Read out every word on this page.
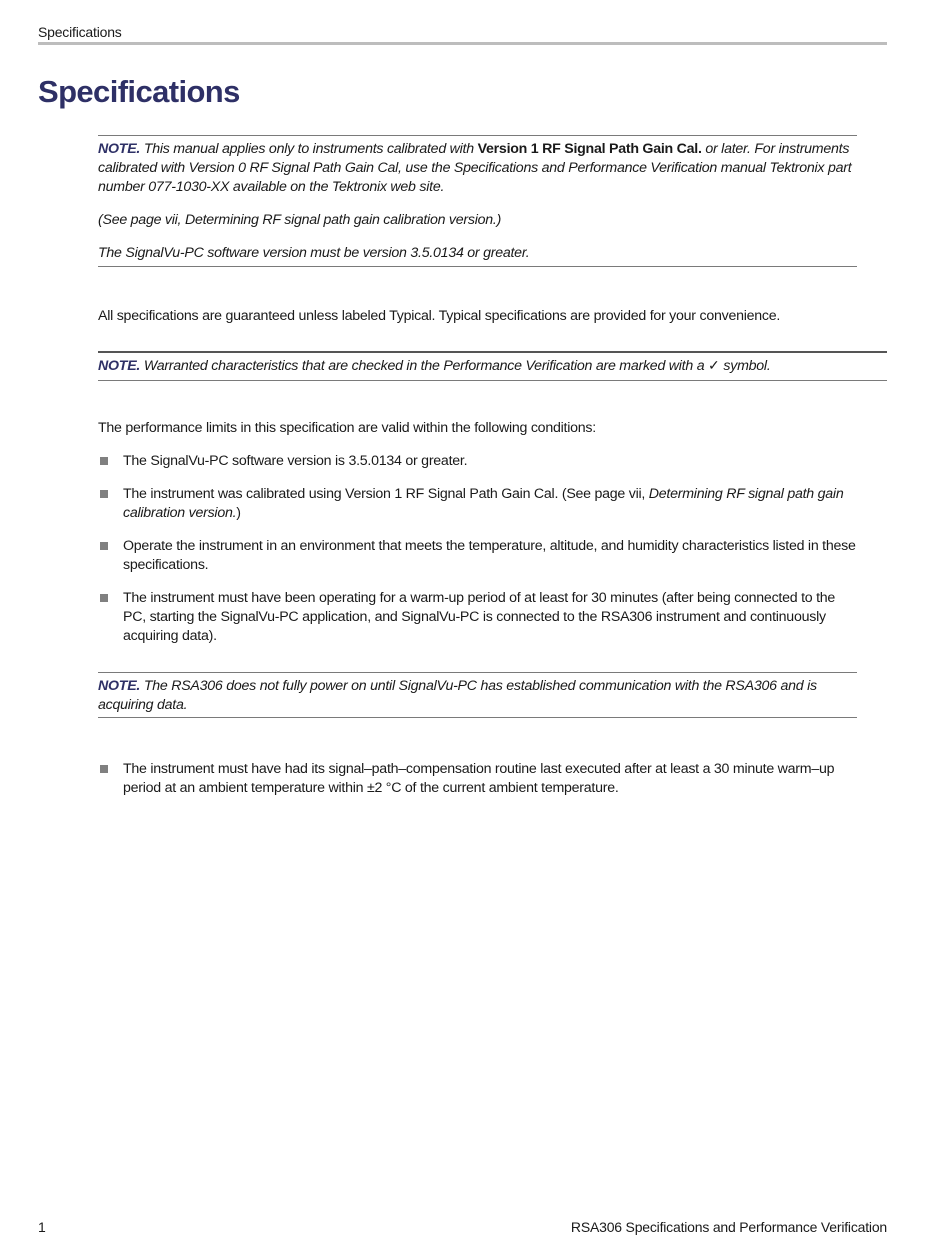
Specifications
Specifications

NOTE. This manual applies only to instruments calibrated with Version 1 RF Signal Path Gain Cal. or later. For instruments calibrated with Version 0 RF Signal Path Gain Cal, use the Specifications and Performance Verification manual Tektronix part number 077-1030-XX available on the Tektronix web site.

(See page vii, Determining RF signal path gain calibration version.)

The SignalVu-PC software version must be version 3.5.0134 or greater.

All specifications are guaranteed unless labeled Typical. Typical specifications are provided for your convenience.

NOTE. Warranted characteristics that are checked in the Performance Verification are marked with a ✓ symbol.

The performance limits in this specification are valid within the following conditions:

The SignalVu-PC software version is 3.5.0134 or greater.
The instrument was calibrated using Version 1 RF Signal Path Gain Cal. (See page vii, Determining RF signal path gain calibration version.)
Operate the instrument in an environment that meets the temperature, altitude, and humidity characteristics listed in these specifications.
The instrument must have been operating for a warm-up period of at least for 30 minutes (after being connected to the PC, starting the SignalVu-PC application, and SignalVu-PC is connected to the RSA306 instrument and continuously acquiring data).

NOTE. The RSA306 does not fully power on until SignalVu-PC has established communication with the RSA306 and is acquiring data.

The instrument must have had its signal–path–compensation routine last executed after at least a 30 minute warm–up period at an ambient temperature within ±2 °C of the current ambient temperature.
1	RSA306 Specifications and Performance Verification
